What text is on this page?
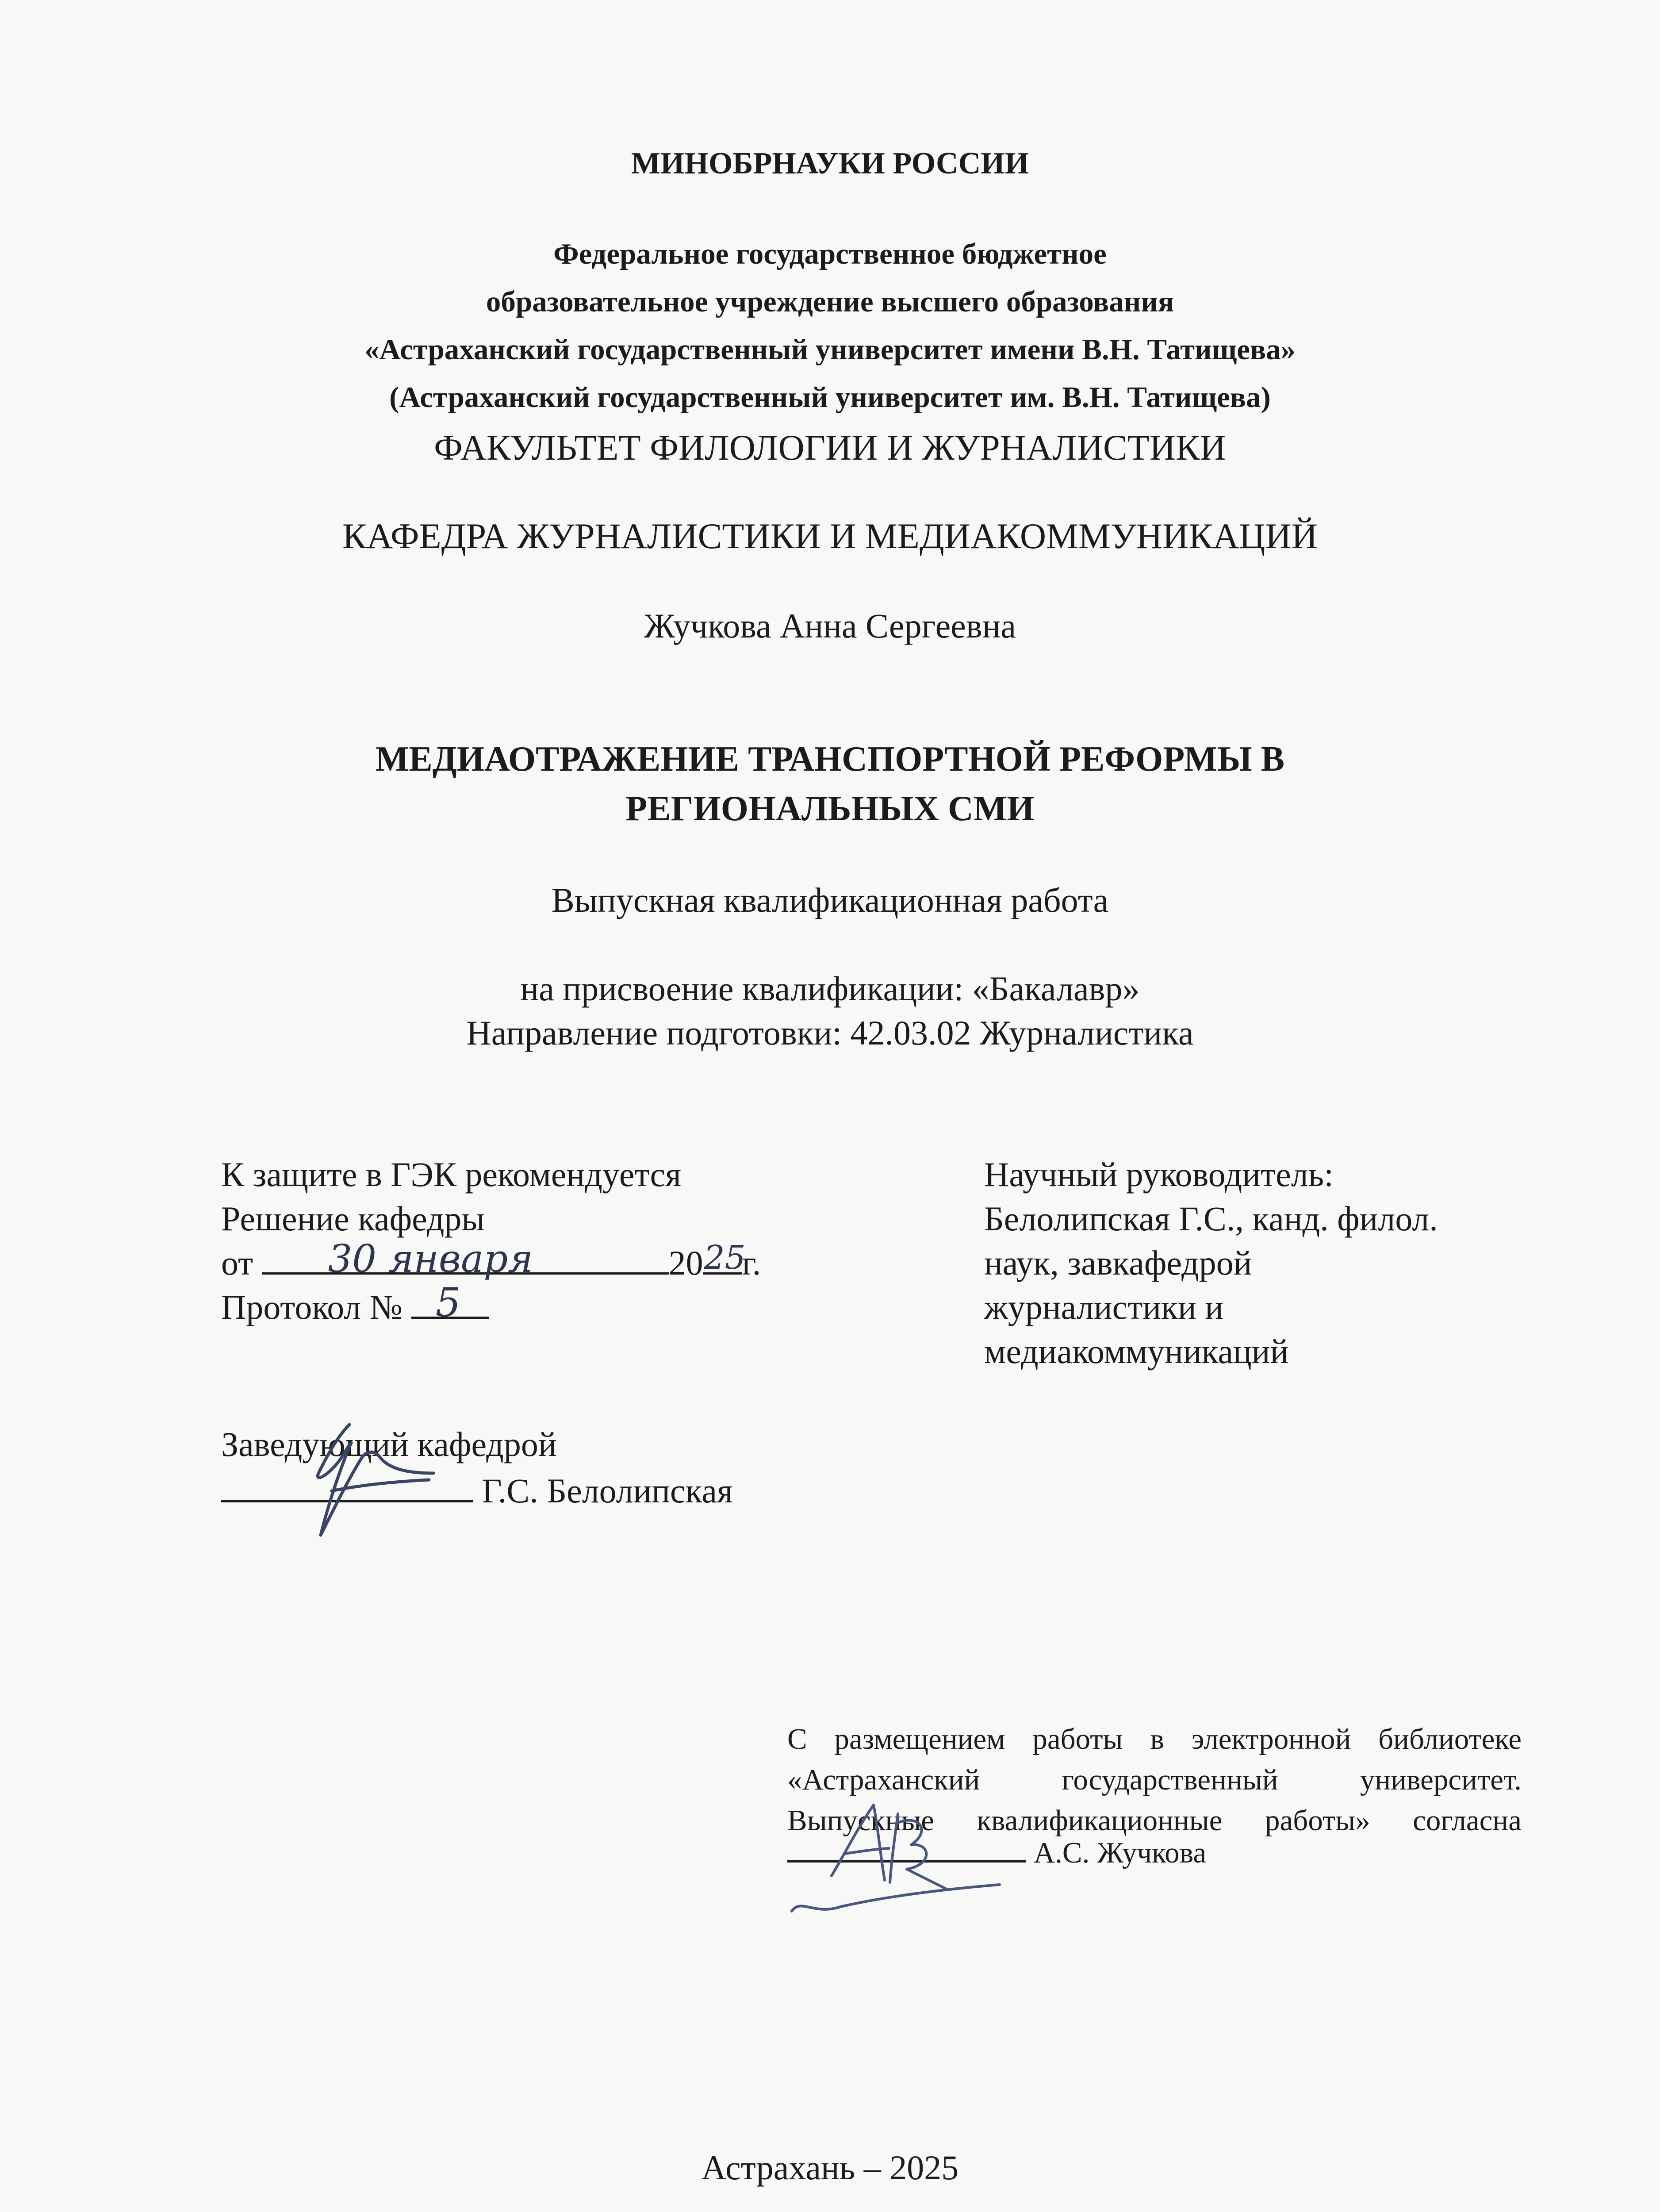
МИНОБРНАУКИ РОССИИ
Федеральное государственное бюджетное
образовательное учреждение высшего образования
«Астраханский государственный университет имени В.Н. Татищева»
(Астраханский государственный университет им. В.Н. Татищева)
ФАКУЛЬТЕТ ФИЛОЛОГИИ И ЖУРНАЛИСТИКИ
КАФЕДРА ЖУРНАЛИСТИКИ И МЕДИАКОММУНИКАЦИЙ
Жучкова Анна Сергеевна
МЕДИАОТРАЖЕНИЕ ТРАНСПОРТНОЙ РЕФОРМЫ В
РЕГИОНАЛЬНЫХ СМИ
Выпускная квалификационная работа
на присвоение квалификации: «Бакалавр»
Направление подготовки: 42.03.02 Журналистика
К защите в ГЭК рекомендуется
Решение кафедры
от 30 января	20 25
г.
Протокол № 5
Научный руководитель:
Белолипская Г.С., канд. филол.
наук, завкафедрой
журналистики и
медиакоммуникаций
Заведующий кафедрой
Г.С. Белолипская
С размещением работы в электронной библиотеке
«Астраханский государственный университет.
Выпускные квалификационные работы» согласна
А.С. Жучкова
Астрахань – 2025
